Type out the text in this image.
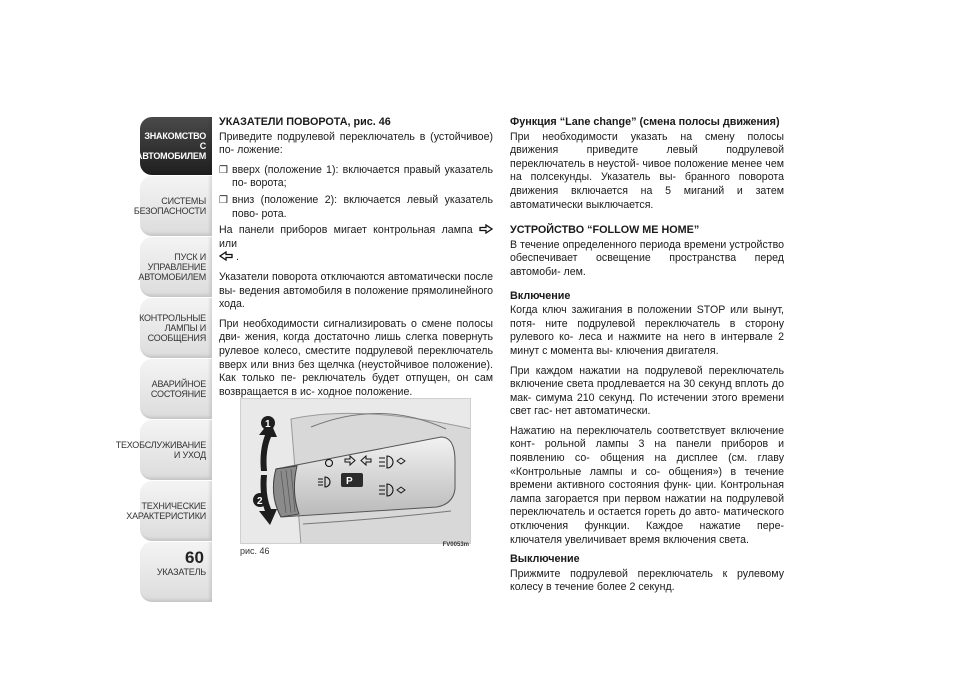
ЗНАКОМСТВО С
АВТОМОБИЛЕМ
СИСТЕМЫ
БЕЗОПАСНОСТИ
ПУСК И УПРАВЛЕНИЕ
АВТОМОБИЛЕМ
КОНТРОЛЬНЫЕ
ЛАМПЫ И
СООБЩЕНИЯ
АВАРИЙНОЕ
СОСТОЯНИЕ
ТЕХОБСЛУЖИВАНИЕ
И УХОД
ТЕХНИЧЕСКИЕ
ХАРАКТЕРИСТИКИ
УКАЗАТЕЛЬ
60
УКАЗАТЕЛИ ПОВОРОТА, рис. 46

Приведите подрулевой переключатель в (устойчивое) по- ложение:

❒ вверх (положение 1): включается правый указатель по- ворота;
❒ вниз (положение 2): включается левый указатель пово- рота.

На панели приборов мигает контрольная лампа  или
.

Указатели поворота отключаются автоматически после вы- ведения автомобиля в положение прямолинейного хода.

При необходимости сигнализировать о смене полосы дви- жения, когда достаточно лишь слегка повернуть рулевое колесо, сместите подрулевой переключатель вверх или вниз без щелчка (неустойчивое положение). Как только пе- реключатель будет отпущен, он сам возвращается в ис- ходное положение.

P
1
2
рис. 46
FV0053m
Функция “Lane change” (смена полосы движения)

При необходимости указать на смену полосы движения приведите левый подрулевой переключатель в неустой- чивое положение менее чем на полсекунды. Указатель вы- бранного поворота движения включается на 5 миганий и затем автоматически выключается.

УСТРОЙСТВО “FOLLOW ME HOME”

В течение определенного периода времени устройство обеспечивает освещение пространства перед автомоби- лем.

Включение

Когда ключ зажигания в положении STOP или вынут, потя- ните подрулевой переключатель в сторону рулевого ко- леса и нажмите на него в интервале 2 минут с момента вы- ключения двигателя.

При каждом нажатии на подрулевой переключатель включение света продлевается на 30 секунд вплоть до мак- симума 210 секунд. По истечении этого времени свет гас- нет автоматически.

Нажатию на переключатель соответствует включение конт- рольной лампы 3 на панели приборов и появлению со- общения на дисплее (см. главу «Контрольные лампы и со- общения») в течение времени активного состояния функ- ции. Контрольная лампа загорается при первом нажатии на подрулевой переключатель и остается гореть до авто- матического отключения функции. Каждое нажатие пере- ключателя увеличивает время включения света.

Выключение

Прижмите подрулевой переключатель к рулевому колесу в течение более 2 секунд.
